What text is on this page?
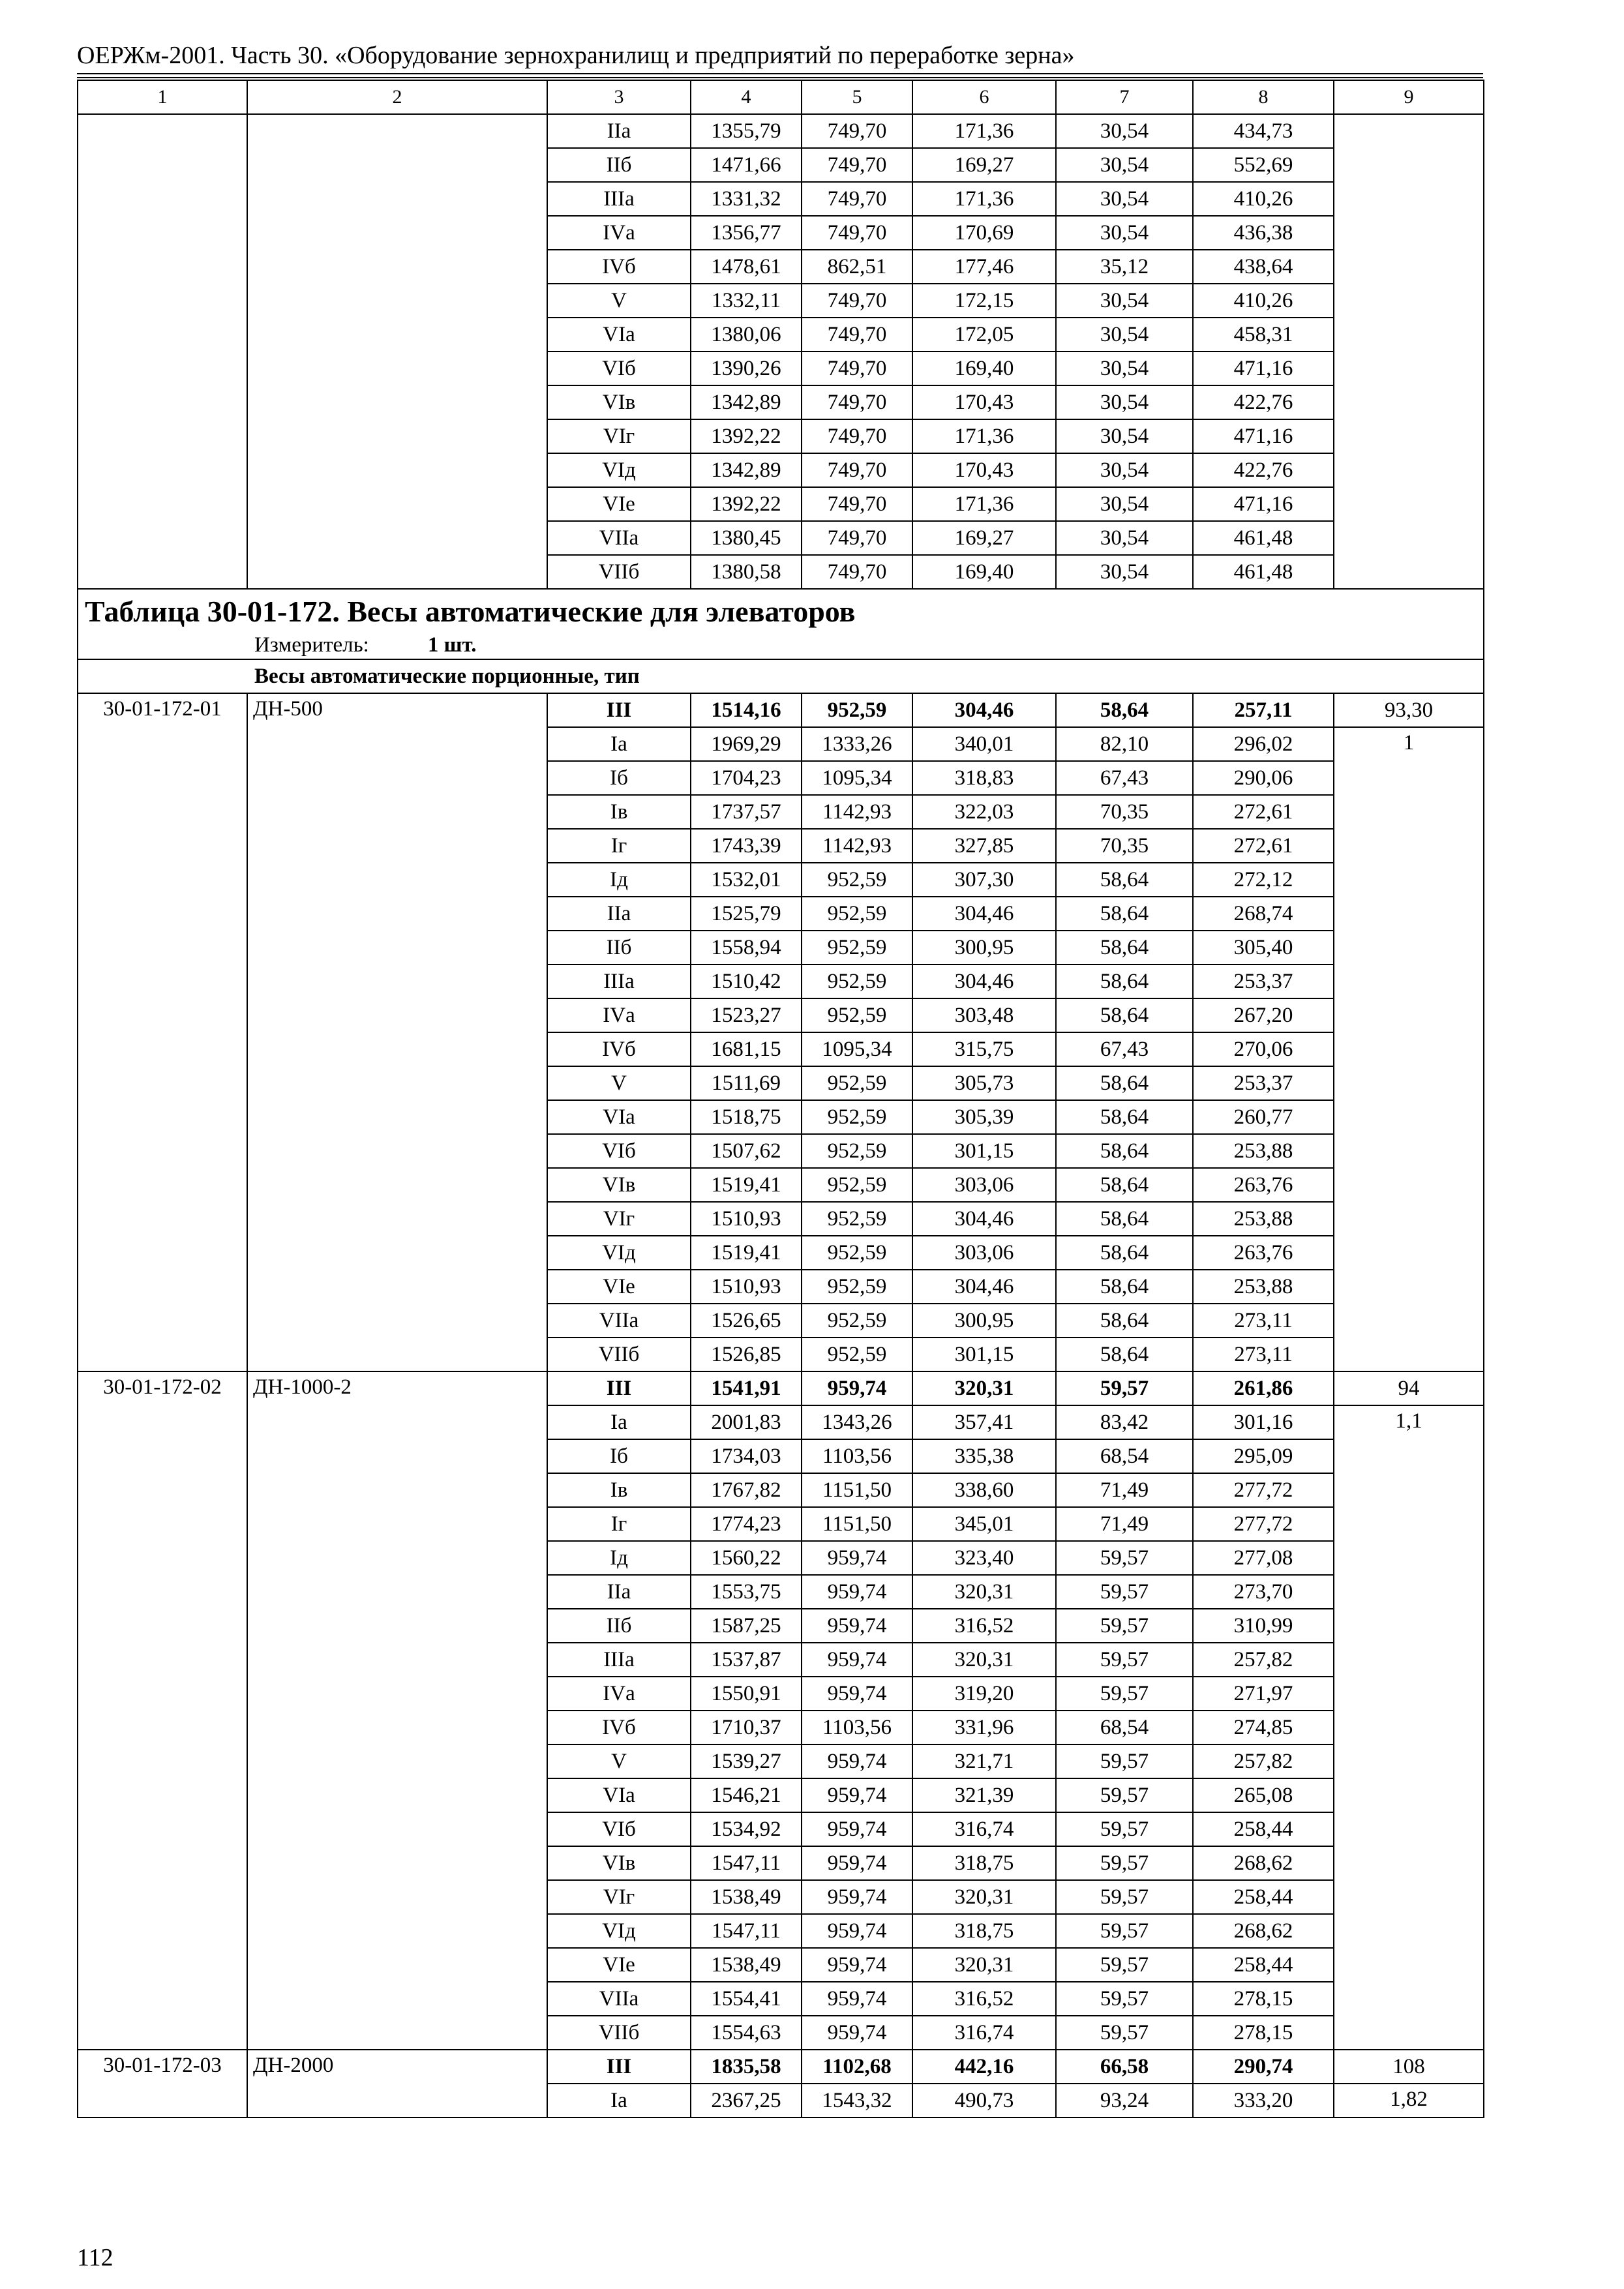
ОЕРЖм-2001. Часть 30. «Оборудование зернохранилищ и предприятий по переработке зерна»
1	2	3	4	5	6	7	8	9
		IIа	1355,79	749,70	171,36	30,54	434,73	
		IIб	1471,66	749,70	169,27	30,54	552,69	
		IIIа	1331,32	749,70	171,36	30,54	410,26	
		IVа	1356,77	749,70	170,69	30,54	436,38	
		IVб	1478,61	862,51	177,46	35,12	438,64	
		V	1332,11	749,70	172,15	30,54	410,26	
		VIа	1380,06	749,70	172,05	30,54	458,31	
		VIб	1390,26	749,70	169,40	30,54	471,16	
		VIв	1342,89	749,70	170,43	30,54	422,76	
		VIг	1392,22	749,70	171,36	30,54	471,16	
		VIд	1342,89	749,70	170,43	30,54	422,76	
		VIе	1392,22	749,70	171,36	30,54	471,16	
		VIIа	1380,45	749,70	169,27	30,54	461,48	
		VIIб	1380,58	749,70	169,40	30,54	461,48	

Таблица 30-01-172. Весы автоматические для элеваторов
Измеритель: 1 шт.								

Весы автоматические порционные, тип								
30-01-172-01	ДН-500	III	1514,16	952,59	304,46	58,64	257,11	93,30
		Iа	1969,29	1333,26	340,01	82,10	296,02	1
		Iб	1704,23	1095,34	318,83	67,43	290,06	
		Iв	1737,57	1142,93	322,03	70,35	272,61	
		Iг	1743,39	1142,93	327,85	70,35	272,61	
		Iд	1532,01	952,59	307,30	58,64	272,12	
		IIа	1525,79	952,59	304,46	58,64	268,74	
		IIб	1558,94	952,59	300,95	58,64	305,40	
		IIIа	1510,42	952,59	304,46	58,64	253,37	
		IVа	1523,27	952,59	303,48	58,64	267,20	
		IVб	1681,15	1095,34	315,75	67,43	270,06	
		V	1511,69	952,59	305,73	58,64	253,37	
		VIа	1518,75	952,59	305,39	58,64	260,77	
		VIб	1507,62	952,59	301,15	58,64	253,88	
		VIв	1519,41	952,59	303,06	58,64	263,76	
		VIг	1510,93	952,59	304,46	58,64	253,88	
		VIд	1519,41	952,59	303,06	58,64	263,76	
		VIе	1510,93	952,59	304,46	58,64	253,88	
		VIIа	1526,65	952,59	300,95	58,64	273,11	
		VIIб	1526,85	952,59	301,15	58,64	273,11	
30-01-172-02	ДН-1000-2	III	1541,91	959,74	320,31	59,57	261,86	94
		Iа	2001,83	1343,26	357,41	83,42	301,16	1,1
		Iб	1734,03	1103,56	335,38	68,54	295,09	
		Iв	1767,82	1151,50	338,60	71,49	277,72	
		Iг	1774,23	1151,50	345,01	71,49	277,72	
		Iд	1560,22	959,74	323,40	59,57	277,08	
		IIа	1553,75	959,74	320,31	59,57	273,70	
		IIб	1587,25	959,74	316,52	59,57	310,99	
		IIIа	1537,87	959,74	320,31	59,57	257,82	
		IVа	1550,91	959,74	319,20	59,57	271,97	
		IVб	1710,37	1103,56	331,96	68,54	274,85	
		V	1539,27	959,74	321,71	59,57	257,82	
		VIа	1546,21	959,74	321,39	59,57	265,08	
		VIб	1534,92	959,74	316,74	59,57	258,44	
		VIв	1547,11	959,74	318,75	59,57	268,62	
		VIг	1538,49	959,74	320,31	59,57	258,44	
		VIд	1547,11	959,74	318,75	59,57	268,62	
		VIе	1538,49	959,74	320,31	59,57	258,44	
		VIIа	1554,41	959,74	316,52	59,57	278,15	
		VIIб	1554,63	959,74	316,74	59,57	278,15	
30-01-172-03	ДН-2000	III	1835,58	1102,68	442,16	66,58	290,74	108
		Iа	2367,25	1543,32	490,73	93,24	333,20	1,82
112
